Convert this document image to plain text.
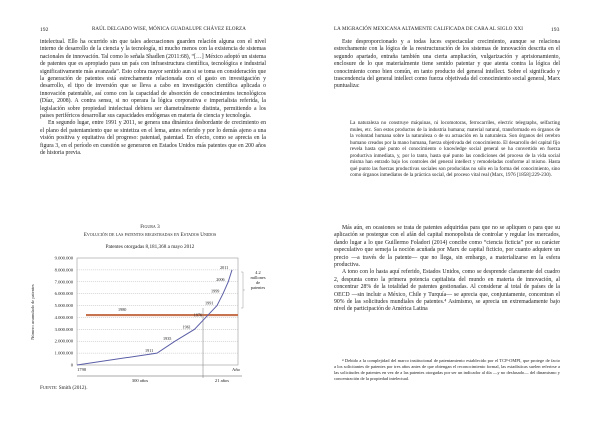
192	RAÚL DELGADO WISE, MÓNICA GUADALUPE CHÁVEZ ELORZA

intelectual. Ello ha ocurrido sin que tales adecuaciones guarden relación alguna con el nivel interno de desarrollo de la ciencia y la tecnología, ni mucho menos con la existencia de sistemas nacionales de innovación. Tal como lo señala Shadlen (2011:68), “[…] México adoptó un sistema de patentes que es apropiado para un país con infraestructura científica, tecnológica e industrial significativamente más avanzada”. Esto cobra mayor sentido aun si se toma en consideración que la generación de patentes está estrechamente relacionada con el gasto en investigación y desarrollo, el tipo de inversión que se lleva a cabo en investigación científica aplicada o innovación patentable, así como con la capacidad de absorción de conocimientos tecnológicos (Díaz, 2008). A contra sensu, si no operara la lógica corporativa e imperialista referida, la legislación sobre propiedad intelectual debiera ser diametralmente distinta, permitiendo a los países periféricos desarrollar sus capacidades endógenas en materia de ciencia y tecnología.

En segundo lugar, entre 1991 y 2011, se genera una dinámica desbordante de crecimiento en el plano del patentamiento que se sintetiza en el lema, antes referido y por lo demás ajeno a una visión positiva y equitativa del progreso: patentad, patentad. En efecto, como se aprecia en la figura 3, en el período en cuestión se generaron en Estados Unidos más patentes que en 200 años de historia previa.

Figura 3
Evolución de las patentes registradas en Estados Unidos
Patentes otorgadas 8,181,368 a mayo 2012
0
1.000.000
2.000.000
3.000.000
4.000.000
5.000.000
6.000.000
7.000.000
8.000.000
9.000.000
Número acumulado de patentes
1911
1935
1961
1976
1991
1999
2006
2011
1980
4.2 millones de patentes
1790	Año
300 años	21 años
Fuente: Smith (2012).
LA MIGRACIÓN MEXICANA ALTAMENTE CALIFICADA DE CARA AL SIGLO XXI	193

Este desproporcionado y a todas luces espectacular crecimiento, aunque se relaciona estrechamente con la lógica de la reestructuración de los sistemas de innovación descrita en el segundo apartado, entraña también una cierta ampliación, vulgarización y aprisionamiento, enclosure de lo que materialmente tiene sentido patentar y que atenta contra la lógica del conocimiento como bien común, en tanto producto del general intellect. Sobre el significado y trascendencia del general intellect como fuerza objetivada del conocimiento social general, Marx puntualiza:

La naturaleza no construye máquinas, ni locomotoras, ferrocarriles, electric telegraphs, selfacting mules, etc. Son estos productos de la industria humana; material natural, transformado en órganos de la voluntad humana sobre la naturaleza o de su actuación en la naturaleza. Son órganos del cerebro humano creados por la mano humana, fuerza objetivada del conocimiento. El desarrollo del capital fijo revela hasta qué punto el conocimiento o knowledge social general se ha convertido en fuerza productiva inmediata, y, por lo tanto, hasta qué punto las condiciones del proceso de la vida social misma han entrado bajo los controles del general intellect y remodeladas conforme al mismo. Hasta qué punto las fuerzas productivas sociales son producidas no sólo en la forma del conocimiento, sino como órganos inmediatos de la práctica social, del proceso vital real (Marx, 1976 [1858]:229-230).

Más aún, en ocasiones se trata de patentes adquiridas para que no se apliquen o para que su aplicación se postergue con el afán del capital monopolista de controlar y regular los mercados, dando lugar a lo que Guillermo Foladori (2014) concibe como “ciencia ficticia” por su carácter especulativo que semeja la noción acuñada por Marx de capital ficticio, por cuanto adquiere un precio —a través de la patente— que no llega, sin embargo, a materializarse en la esfera productiva.

A tono con lo hasta aquí referido, Estados Unidos, como se desprende claramente del cuadro 2, despunta como la primera potencia capitalista del mundo en materia de innovación, al concentrar 28% de la totalidad de patentes gestionadas. Al considerar al total de países de la OECD —sin incluir a México, Chile y Turquía— se aprecia que, conjuntamente, concentran el 90% de las solicitudes mundiales de patentes.⁴ Asimismo, se aprecia un extremadamente bajo nivel de participación de América Latina

⁴ Debido a la complejidad del marco institucional de patentamiento establecido por el TCP-OMPI, que protege de facto a los solicitantes de patentes por tres años antes de que obtengan el reconocimiento formal, las estadísticas suelen referirse a las solicitudes de patentes en vez de a las patentes otorgadas por ser un indicador al día —y no desfasado— del dinamismo y concentración de la propiedad intelectual.
